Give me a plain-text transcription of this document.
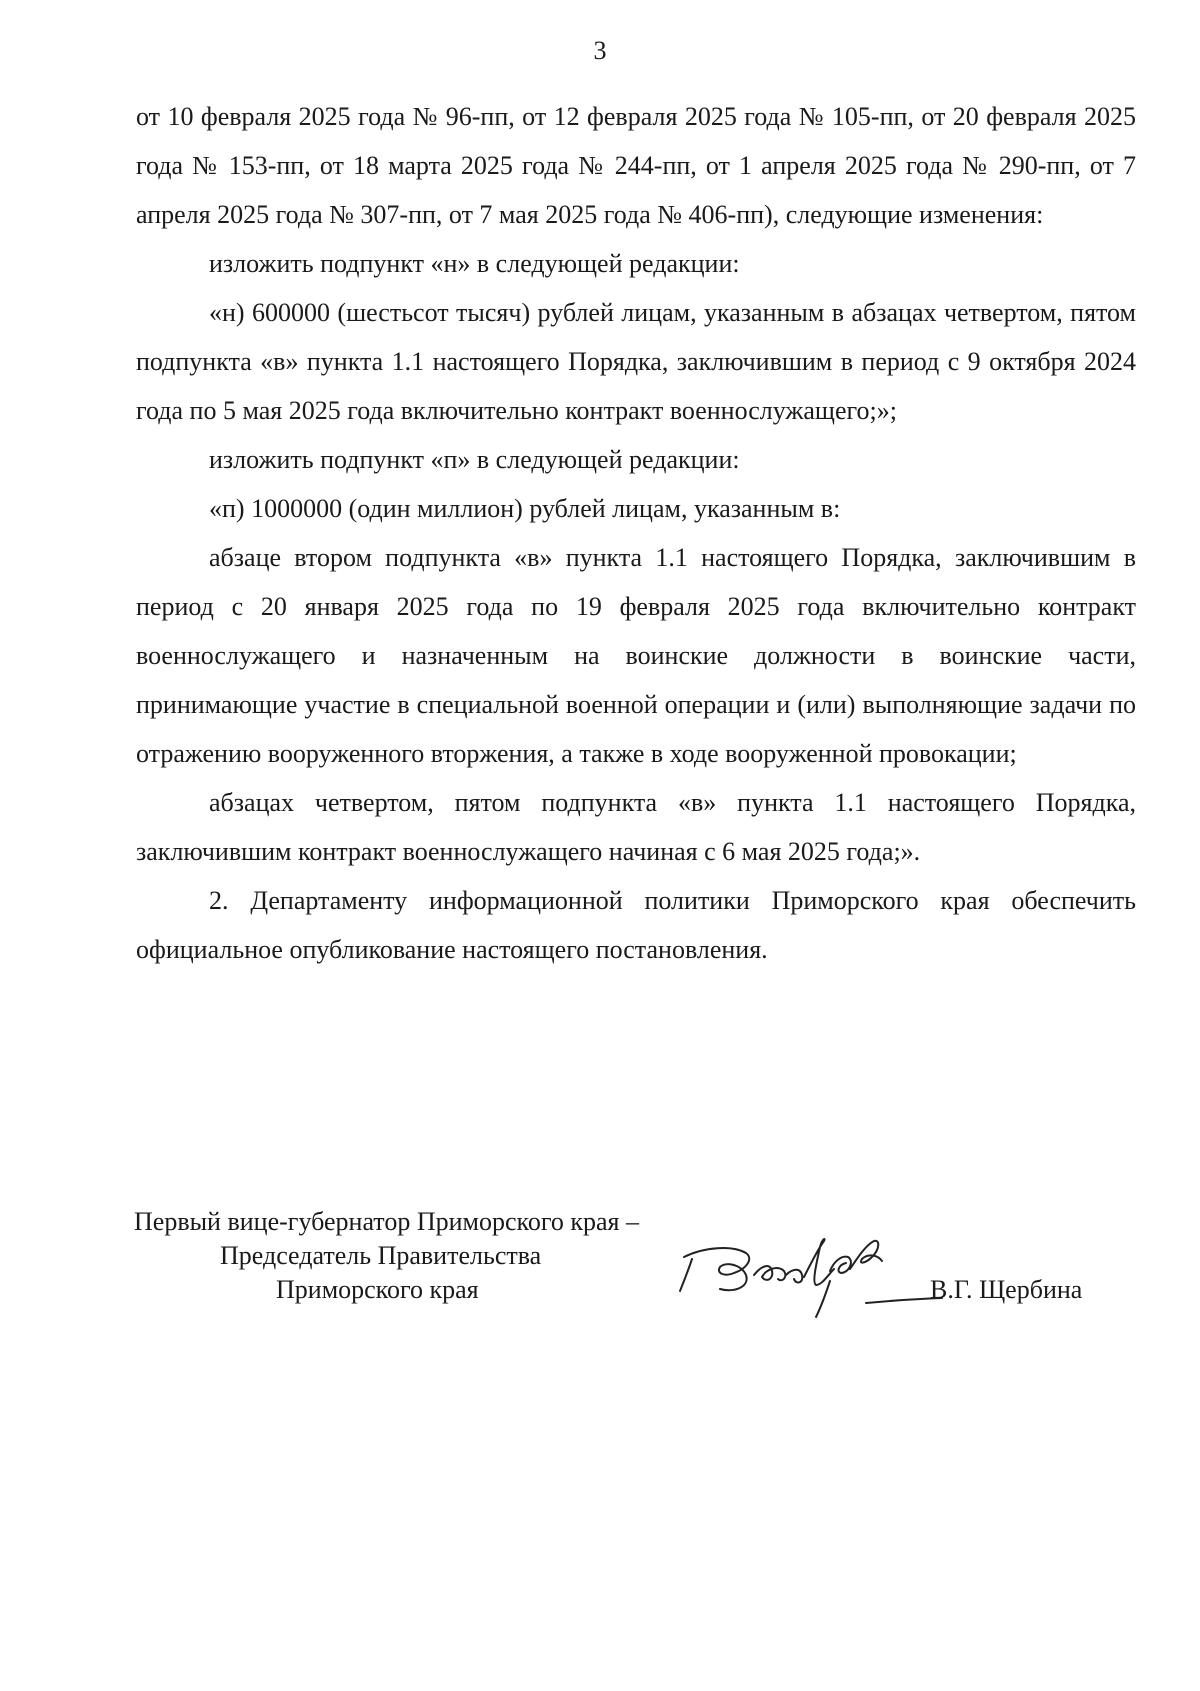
3

от 10 февраля 2025 года № 96-пп, от 12 февраля 2025 года № 105-пп, от 20 февраля 2025 года № 153-пп, от 18 марта 2025 года № 244-пп, от 1 апреля 2025 года № 290-пп, от 7 апреля 2025 года № 307-пп, от 7 мая 2025 года № 406-пп), следующие изменения:

изложить подпункт «н» в следующей редакции:

«н) 600000 (шестьсот тысяч) рублей лицам, указанным в абзацах четвертом, пятом подпункта «в» пункта 1.1 настоящего Порядка, заключившим в период с 9 октября 2024 года по 5 мая 2025 года включительно контракт военнослужащего;»;

изложить подпункт «п» в следующей редакции:

«п) 1000000 (один миллион) рублей лицам, указанным в:

абзаце втором подпункта «в» пункта 1.1 настоящего Порядка, заключившим в период с 20 января 2025 года по 19 февраля 2025 года включительно контракт военнослужащего и назначенным на воинские должности в воинские части, принимающие участие в специальной военной операции и (или) выполняющие задачи по отражению вооруженного вторжения, а также в ходе вооруженной провокации;

абзацах четвертом, пятом подпункта «в» пункта 1.1 настоящего Порядка, заключившим контракт военнослужащего начиная с 6 мая 2025 года;».

2. Департаменту информационной политики Приморского края обеспечить официальное опубликование настоящего постановления.

Первый вице-губернатор Приморского края –
Председатель Правительства
Приморского края	В.Г. Щербина
